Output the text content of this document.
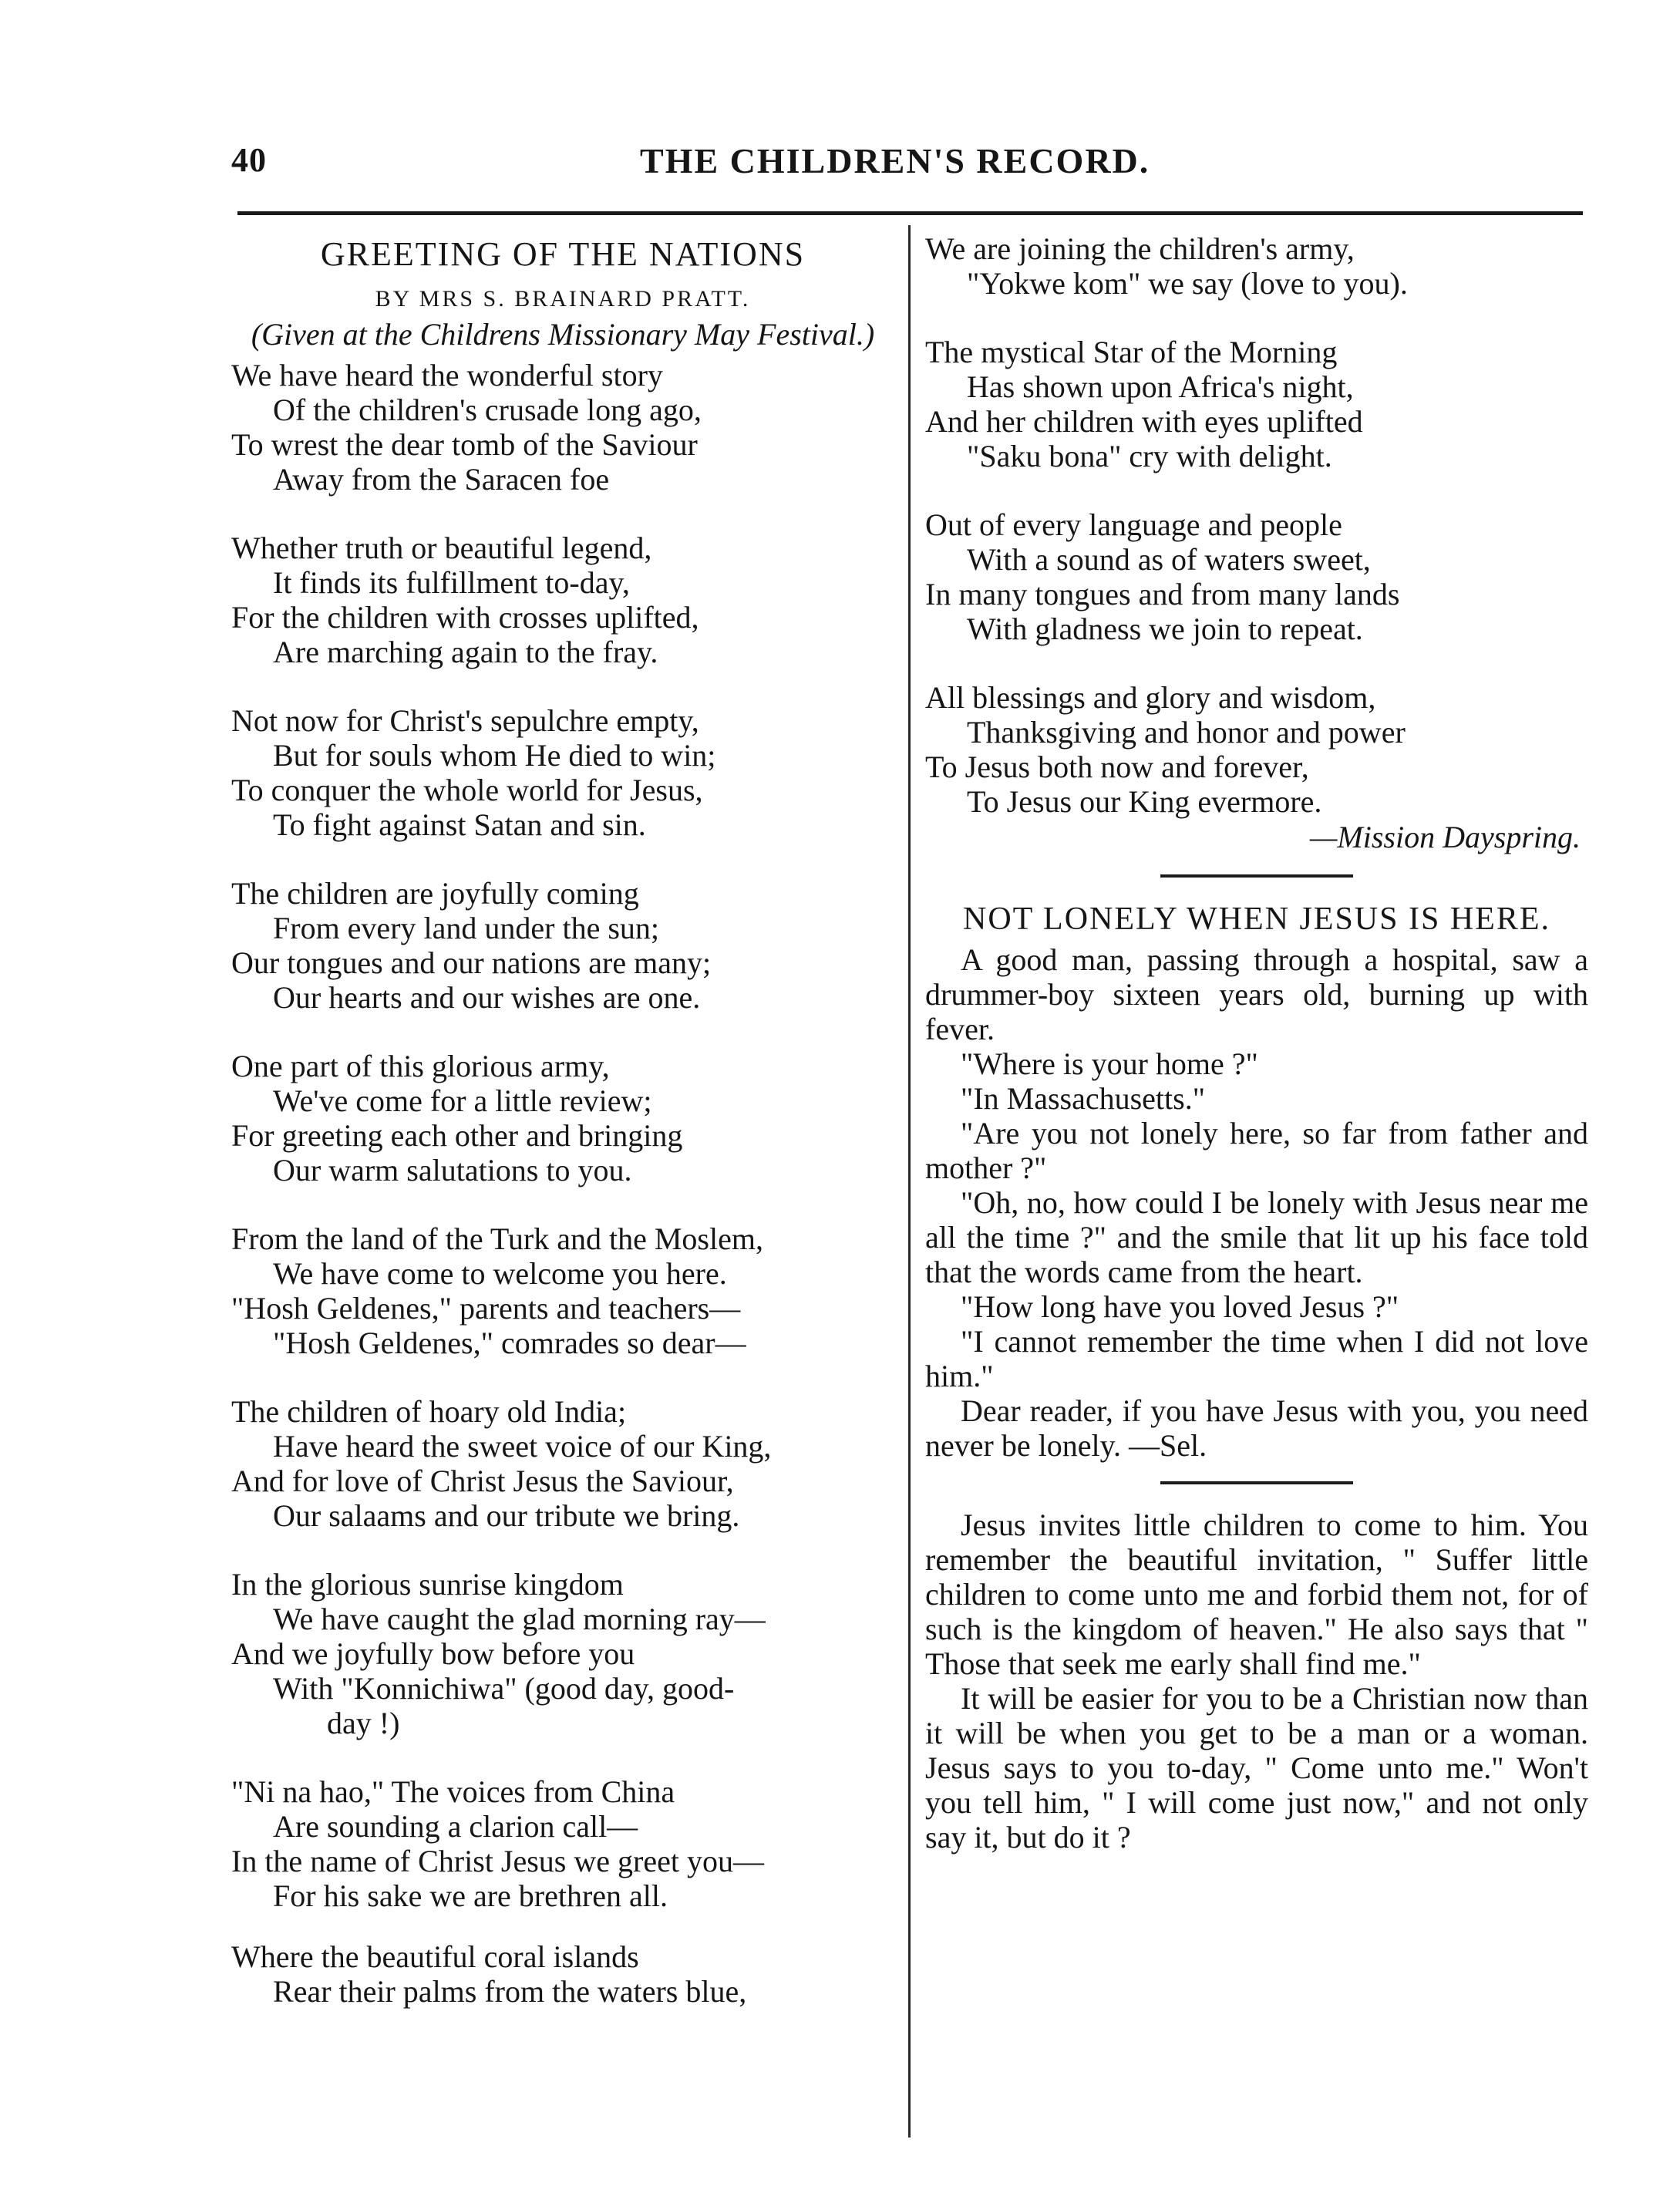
40	THE CHILDREN'S RECORD.
GREETING OF THE NATIONS
BY MRS S. BRAINARD PRATT.
(Given at the Childrens Missionary May Festival.)
We have heard the wonderful story
Of the children's crusade long ago,
To wrest the dear tomb of the Saviour
Away from the Saracen foe
Whether truth or beautiful legend,
It finds its fulfillment to-day,
For the children with crosses uplifted,
Are marching again to the fray.
Not now for Christ's sepulchre empty,
But for souls whom He died to win;
To conquer the whole world for Jesus,
To fight against Satan and sin.
The children are joyfully coming
From every land under the sun;
Our tongues and our nations are many;
Our hearts and our wishes are one.
One part of this glorious army,
We've come for a little review;
For greeting each other and bringing
Our warm salutations to you.
From the land of the Turk and the Moslem,
We have come to welcome you here.
"Hosh Geldenes," parents and teachers—
"Hosh Geldenes," comrades so dear—
The children of hoary old India;
Have heard the sweet voice of our King,
And for love of Christ Jesus the Saviour,
Our salaams and our tribute we bring.
In the glorious sunrise kingdom
We have caught the glad morning ray—
And we joyfully bow before you
With "Konnichiwa" (good day, good-
day !)
"Ni na hao," The voices from China
Are sounding a clarion call—
In the name of Christ Jesus we greet you—
For his sake we are brethren all.
Where the beautiful coral islands
Rear their palms from the waters blue,
We are joining the children's army,
"Yokwe kom" we say (love to you).
The mystical Star of the Morning
Has shown upon Africa's night,
And her children with eyes uplifted
"Saku bona" cry with delight.
Out of every language and people
With a sound as of waters sweet,
In many tongues and from many lands
With gladness we join to repeat.
All blessings and glory and wisdom,
Thanksgiving and honor and power
To Jesus both now and forever,
To Jesus our King evermore.
—Mission Dayspring.
NOT LONELY WHEN JESUS IS HERE.

A good man, passing through a hospital, saw a drummer-boy sixteen years old, burning up with fever.

"Where is your home ?"

"In Massachusetts."

"Are you not lonely here, so far from father and mother ?"

"Oh, no, how could I be lonely with Jesus near me all the time ?" and the smile that lit up his face told that the words came from the heart.

"How long have you loved Jesus ?"

"I cannot remember the time when I did not love him."

Dear reader, if you have Jesus with you, you need never be lonely. —Sel.

Jesus invites little children to come to him. You remember the beautiful invitation, " Suffer little children to come unto me and forbid them not, for of such is the kingdom of heaven." He also says that " Those that seek me early shall find me."

It will be easier for you to be a Christian now than it will be when you get to be a man or a woman. Jesus says to you to-day, " Come unto me." Won't you tell him, " I will come just now," and not only say it, but do it ?
